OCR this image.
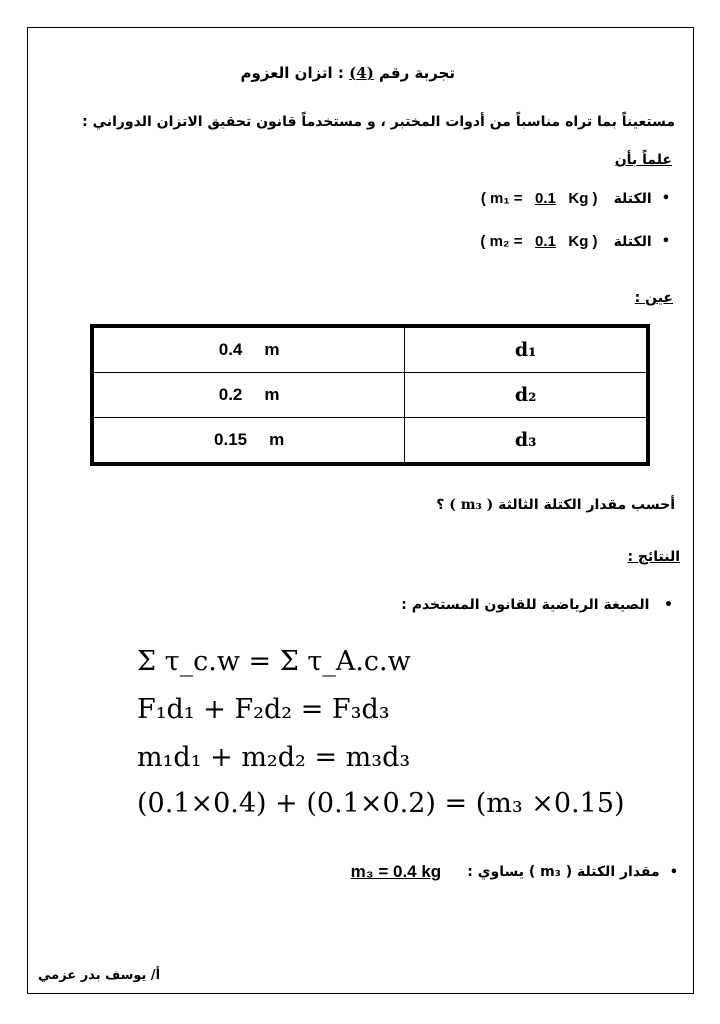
تجربة رقم (4) : اتزان العزوم
مستعيناً بما تراه مناسباً من أدوات المختبر ، و مستخدماً قانون تحقيق الاتزان الدوراني :
علماً بأن
•
الكتلة
( m₁ =
0.1
Kg )
•
الكتلة
( m₂ =
0.1
Kg )
عين :
0.4 m	d₁
0.2 m	d₂
0.15 m	d₃
أحسب مقدار الكتلة الثالثة ( m₃ ) ؟
النتائج :
•   الصيغة الرياضية للقانون المستخدم :
Σ τ_c.w = Σ τ_A.c.w
F₁d₁ + F₂d₂ = F₃d₃
m₁d₁ + m₂d₂ = m₃d₃
(0.1×0.4) + (0.1×0.2) = (m₃ ×0.15)
•
مقدار الكتلة

( m₃ )

يساوي :
m₃ = 0.4 kg
أ/ يوسف بدر عزمي
